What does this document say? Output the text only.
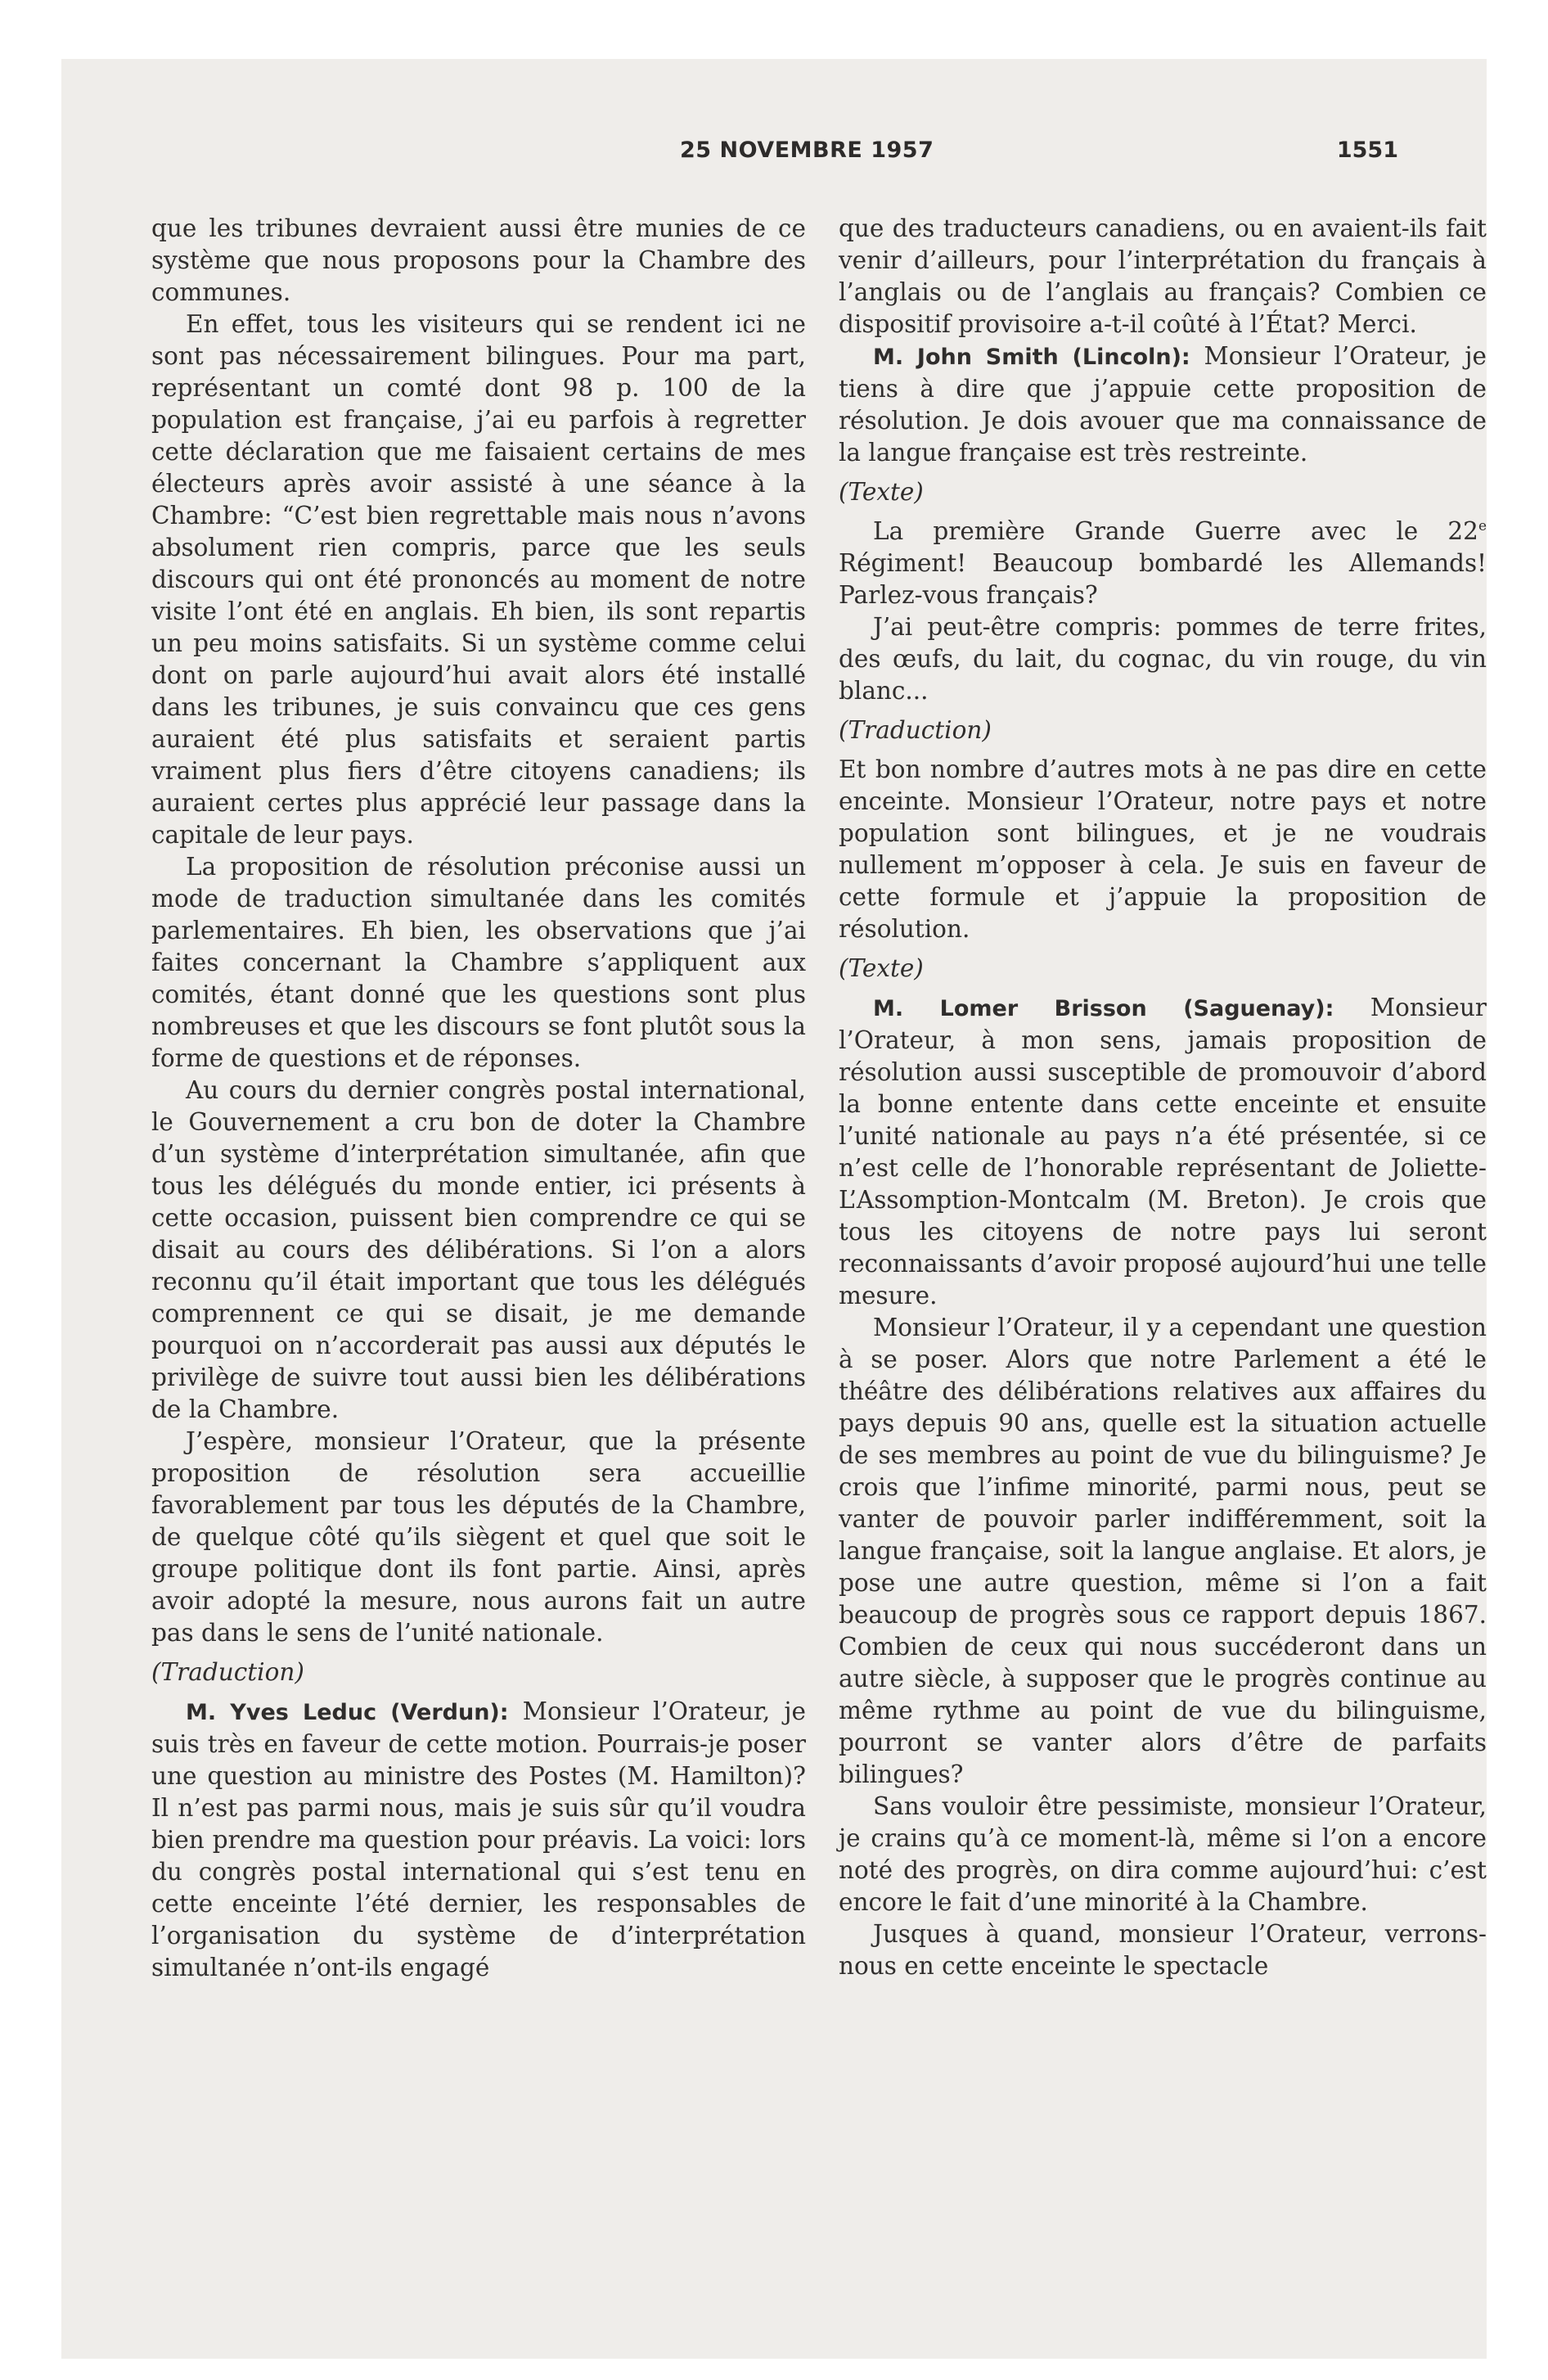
25 NOVEMBRE 1957	1551

que les tribunes devraient aussi être munies de ce système que nous proposons pour la Chambre des communes.

En effet, tous les visiteurs qui se rendent ici ne sont pas nécessairement bilingues. Pour ma part, représentant un comté dont 98 p. 100 de la population est française, j’ai eu parfois à regretter cette déclaration que me faisaient certains de mes électeurs après avoir assisté à une séance à la Chambre: “C’est bien regrettable mais nous n’avons absolument rien compris, parce que les seuls discours qui ont été prononcés au moment de notre visite l’ont été en anglais. Eh bien, ils sont repartis un peu moins satisfaits. Si un système comme celui dont on parle aujourd’hui avait alors été installé dans les tribunes, je suis convaincu que ces gens auraient été plus satisfaits et seraient partis vraiment plus fiers d’être citoyens canadiens; ils auraient certes plus apprécié leur passage dans la capitale de leur pays.

La proposition de résolution préconise aussi un mode de traduction simultanée dans les comités parlementaires. Eh bien, les observations que j’ai faites concernant la Chambre s’appliquent aux comités, étant donné que les questions sont plus nombreuses et que les discours se font plutôt sous la forme de questions et de réponses.

Au cours du dernier congrès postal international, le Gouvernement a cru bon de doter la Chambre d’un système d’interprétation simultanée, afin que tous les délégués du monde entier, ici présents à cette occasion, puissent bien comprendre ce qui se disait au cours des délibérations. Si l’on a alors reconnu qu’il était important que tous les délégués comprennent ce qui se disait, je me demande pourquoi on n’accorderait pas aussi aux députés le privilège de suivre tout aussi bien les délibérations de la Chambre.

J’espère, monsieur l’Orateur, que la présente proposition de résolution sera accueillie favorablement par tous les députés de la Chambre, de quelque côté qu’ils siègent et quel que soit le groupe politique dont ils font partie. Ainsi, après avoir adopté la mesure, nous aurons fait un autre pas dans le sens de l’unité nationale.

(Traduction)

M. Yves Leduc (Verdun): Monsieur l’Orateur, je suis très en faveur de cette motion. Pourrais-je poser une question au ministre des Postes (M. Hamilton)? Il n’est pas parmi nous, mais je suis sûr qu’il voudra bien prendre ma question pour préavis. La voici: lors du congrès postal international qui s’est tenu en cette enceinte l’été dernier, les responsables de l’organisation du système de d’interprétation simultanée n’ont-ils engagé

que des traducteurs canadiens, ou en avaient-ils fait venir d’ailleurs, pour l’interprétation du français à l’anglais ou de l’anglais au français? Combien ce dispositif provisoire a-t-il coûté à l’État? Merci.

M. John Smith (Lincoln): Monsieur l’Orateur, je tiens à dire que j’appuie cette proposition de résolution. Je dois avouer que ma connaissance de la langue française est très restreinte.

(Texte)

La première Grande Guerre avec le 22e Régiment! Beaucoup bombardé les Allemands! Parlez-vous français?

J’ai peut-être compris: pommes de terre frites, des œufs, du lait, du cognac, du vin rouge, du vin blanc...

(Traduction)

Et bon nombre d’autres mots à ne pas dire en cette enceinte. Monsieur l’Orateur, notre pays et notre population sont bilingues, et je ne voudrais nullement m’opposer à cela. Je suis en faveur de cette formule et j’appuie la proposition de résolution.

(Texte)

M. Lomer Brisson (Saguenay): Monsieur l’Orateur, à mon sens, jamais proposition de résolution aussi susceptible de promouvoir d’abord la bonne entente dans cette enceinte et ensuite l’unité nationale au pays n’a été présentée, si ce n’est celle de l’honorable représentant de Joliette-L’Assomption-Montcalm (M. Breton). Je crois que tous les citoyens de notre pays lui seront reconnaissants d’avoir proposé aujourd’hui une telle mesure.

Monsieur l’Orateur, il y a cependant une question à se poser. Alors que notre Parlement a été le théâtre des délibérations relatives aux affaires du pays depuis 90 ans, quelle est la situation actuelle de ses membres au point de vue du bilinguisme? Je crois que l’infime minorité, parmi nous, peut se vanter de pouvoir parler indifféremment, soit la langue française, soit la langue anglaise. Et alors, je pose une autre question, même si l’on a fait beaucoup de progrès sous ce rapport depuis 1867. Combien de ceux qui nous succéderont dans un autre siècle, à supposer que le progrès continue au même rythme au point de vue du bilinguisme, pourront se vanter alors d’être de parfaits bilingues?

Sans vouloir être pessimiste, monsieur l’Orateur, je crains qu’à ce moment-là, même si l’on a encore noté des progrès, on dira comme aujourd’hui: c’est encore le fait d’une minorité à la Chambre.

Jusques à quand, monsieur l’Orateur, verrons-nous en cette enceinte le spectacle
